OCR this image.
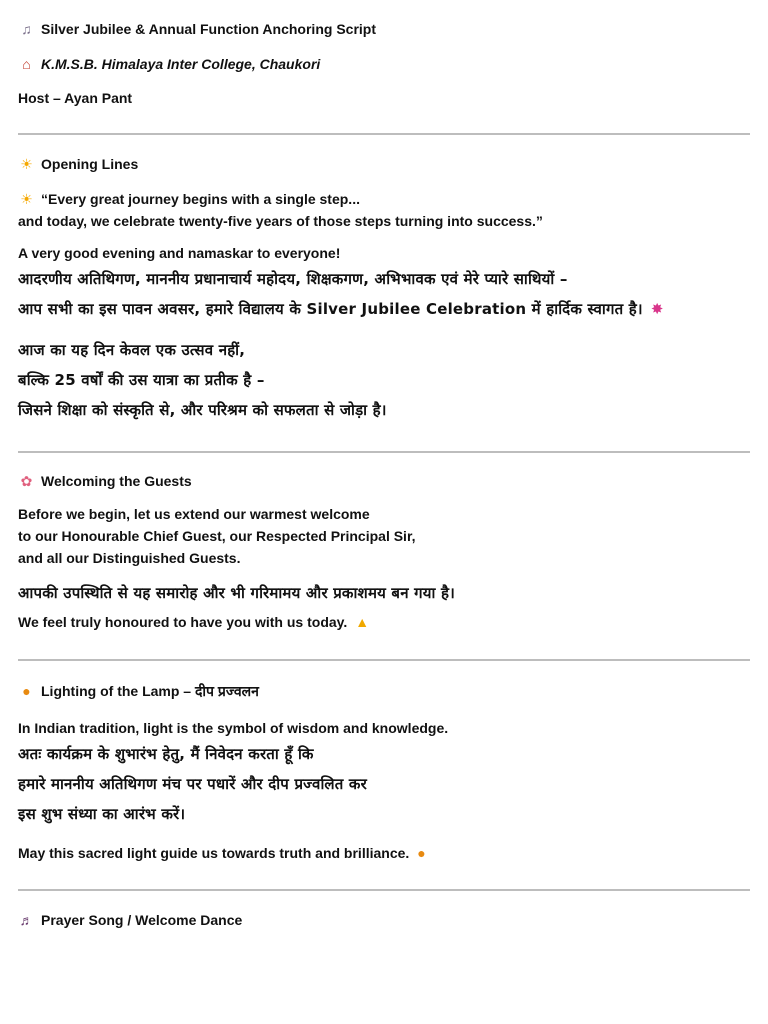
♫ Silver Jubilee & Annual Function Anchoring Script
⌂ K.M.S.B. Himalaya Inter College, Chaukori
Host – Ayan Pant
☀ Opening Lines
☀ “Every great journey begins with a single step...
and today, we celebrate twenty-five years of those steps turning into success.”
A very good evening and namaskar to everyone!
आदरणीय अतिथिगण, माननीय प्रधानाचार्य महोदय, शिक्षकगण, अभिभावक एवं मेरे प्यारे साथियों –
आप सभी का इस पावन अवसर, हमारे विद्यालय के Silver Jubilee Celebration में हार्दिक स्वागत है। ✸
आज का यह दिन केवल एक उत्सव नहीं,
बल्कि 25 वर्षों की उस यात्रा का प्रतीक है –
जिसने शिक्षा को संस्कृति से, और परिश्रम को सफलता से जोड़ा है।
✿ Welcoming the Guests
Before we begin, let us extend our warmest welcome
to our Honourable Chief Guest, our Respected Principal Sir,
and all our Distinguished Guests.
आपकी उपस्थिति से यह समारोह और भी गरिमामय और प्रकाशमय बन गया है।
We feel truly honoured to have you with us today. ▲
● Lighting of the Lamp – दीप प्रज्वलन
In Indian tradition, light is the symbol of wisdom and knowledge.
अतः कार्यक्रम के शुभारंभ हेतु, मैं निवेदन करता हूँ कि
हमारे माननीय अतिथिगण मंच पर पधारें और दीप प्रज्वलित कर
इस शुभ संध्या का आरंभ करें।
May this sacred light guide us towards truth and brilliance. ●
♬ Prayer Song / Welcome Dance
